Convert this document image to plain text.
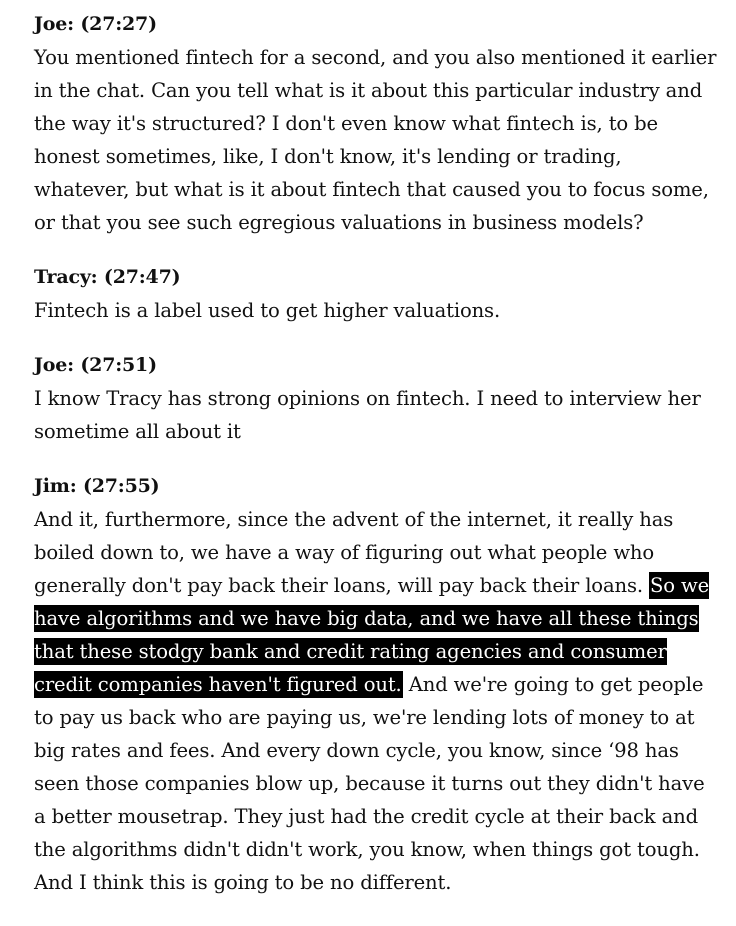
Joe: (27:27)
You mentioned fintech for a second, and you also mentioned it earlier in the chat. Can you tell what is it about this particular industry and the way it's structured? I don't even know what fintech is, to be honest sometimes, like, I don't know, it's lending or trading, whatever, but what is it about fintech that caused you to focus some, or that you see such egregious valuations in business models?
Tracy: (27:47)
Fintech is a label used to get higher valuations.
Joe: (27:51)
I know Tracy has strong opinions on fintech. I need to interview her sometime all about it
Jim: (27:55)
And it, furthermore, since the advent of the internet, it really has boiled down to, we have a way of figuring out what people who generally don't pay back their loans, will pay back their loans. So we have algorithms and we have big data, and we have all these things that these stodgy bank and credit rating agencies and consumer credit companies haven't figured out. And we're going to get people to pay us back who are paying us, we're lending lots of money to at big rates and fees. And every down cycle, you know, since ‘98 has seen those companies blow up, because it turns out they didn't have a better mousetrap. They just had the credit cycle at their back and the algorithms didn't didn't work, you know, when things got tough. And I think this is going to be no different.
